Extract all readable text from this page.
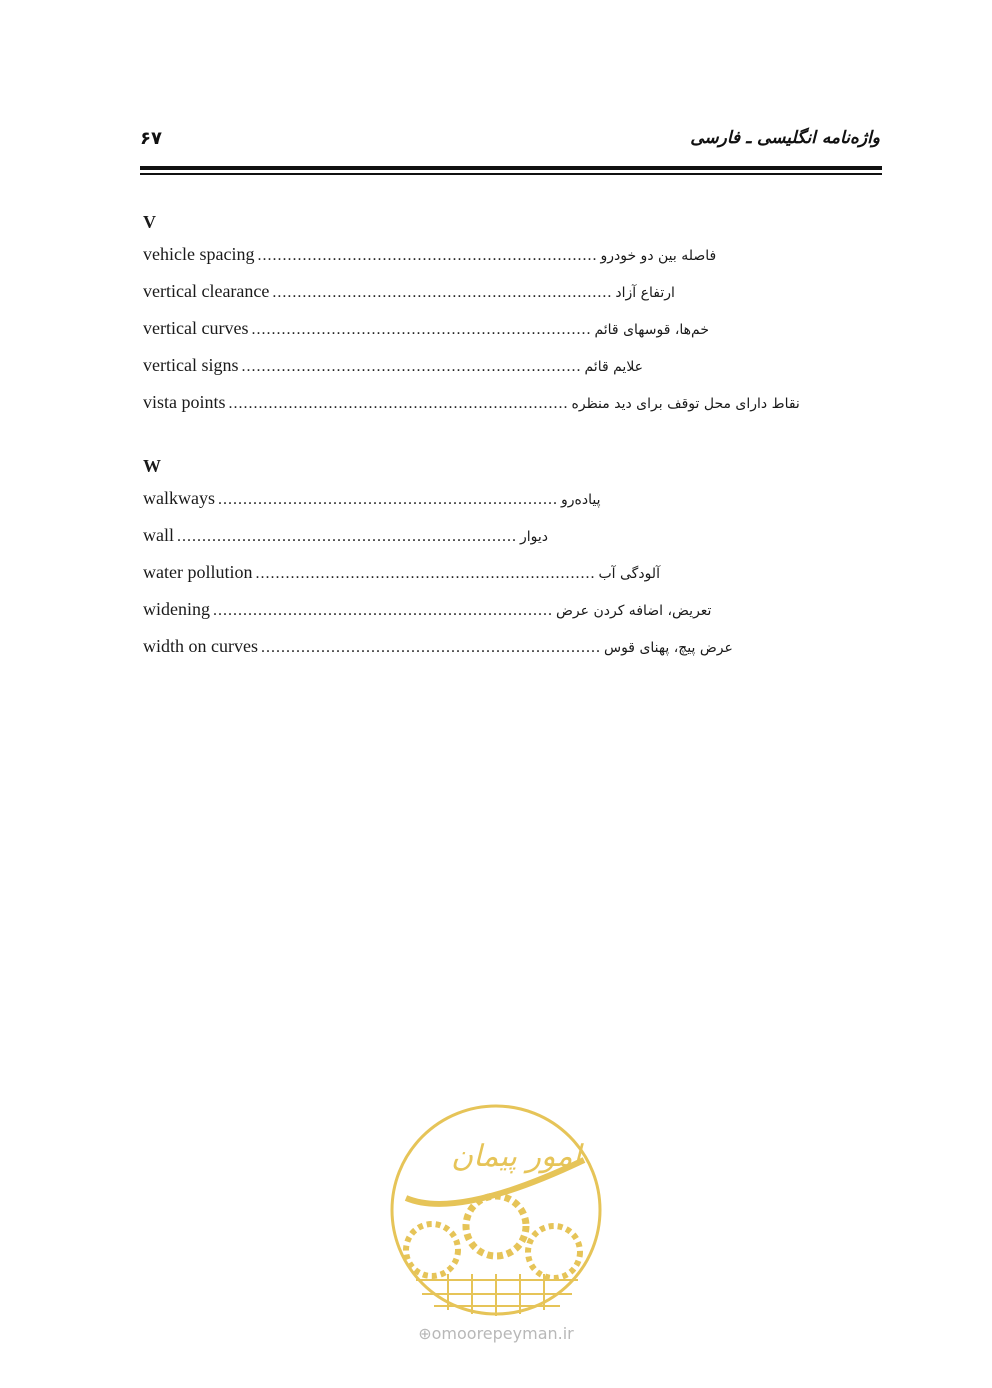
واژه‌نامه انگلیسی ـ فارسی
۶۷
V
vehicle spacing .................................................................... فاصله بین دو خودرو
vertical clearance .................................................................... ارتفاع آزاد
vertical curves .................................................................... خم‌ها، قوسهای قائم
vertical signs .................................................................... علایم قائم
vista points .................................................................... نقاط دارای محل توقف برای دید منظره
W
walkways .................................................................... پیاده‌رو
wall .................................................................... دیوار
water pollution .................................................................... آلودگی آب
widening .................................................................... تعریض، اضافه کردن عرض
width on curves .................................................................... عرض پیچ، پهنای قوس
امور پیمان
⊕omoorepeyman.ir
